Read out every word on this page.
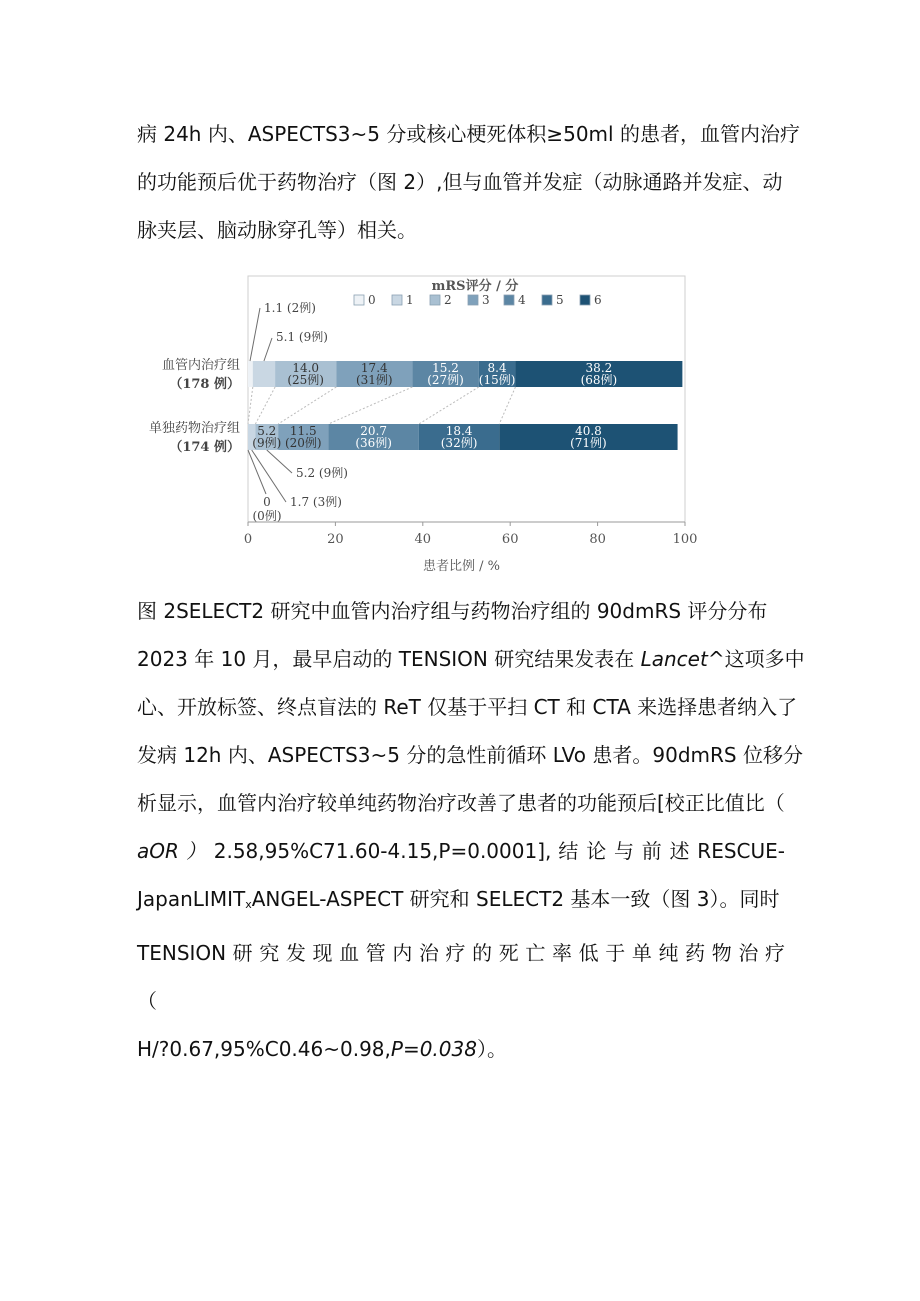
病 24h 内、ASPECTS3~5 分或核心梗死体积≥50ml 的患者，血管内治疗
的功能预后优于药物治疗（图 2）,但与血管并发症（动脉通路并发症、动
脉夹层、脑动脉穿孔等）相关。
0	20	40	60	80	100
患者比例 / %
mRS评分 / 分
0	1	2	3 4	5	6
血管内治疗组
（178 例）
单独药物治疗组
（174 例）
14.0
(25例)
17.4
(31例)
15.2
(27例)
8.4
(15例)
38.2
(68例)
5.2
(9例)
11.5
(20例)
20.7
(36例)
18.4
(32例)
40.8
(71例)
1.1 (2例)
5.1 (9例)
5.2 (9例)
1.7 (3例)
0
(0例)
图 2SELECT2 研究中血管内治疗组与药物治疗组的 90dmRS 评分分布
2023 年 10 月，最早启动的 TENSION 研究结果发表在 Lancet^这项多中
心、开放标签、终点盲法的 ReT 仅基于平扫 CT 和 CTA 来选择患者纳入了
发病 12h 内、ASPECTS3~5 分的急性前循环 LVo 患者。90dmRS 位移分
析显示，血管内治疗较单纯药物治疗改善了患者的功能预后[校正比值比（
aOR ） 2.58,95%C71.60-4.15,P=0.0001], 结 论 与 前 述 RESCUE-
JapanLIMIT$_x$ANGEL-ASPECT 研究和 SELECT2 基本一致（图 3）。同时
TENSION 研 究 发 现 血 管 内 治 疗 的 死 亡 率 低 于 单 纯 药 物 治 疗（
H/?0.67,95%C0.46~0.98,P=0.038）。
